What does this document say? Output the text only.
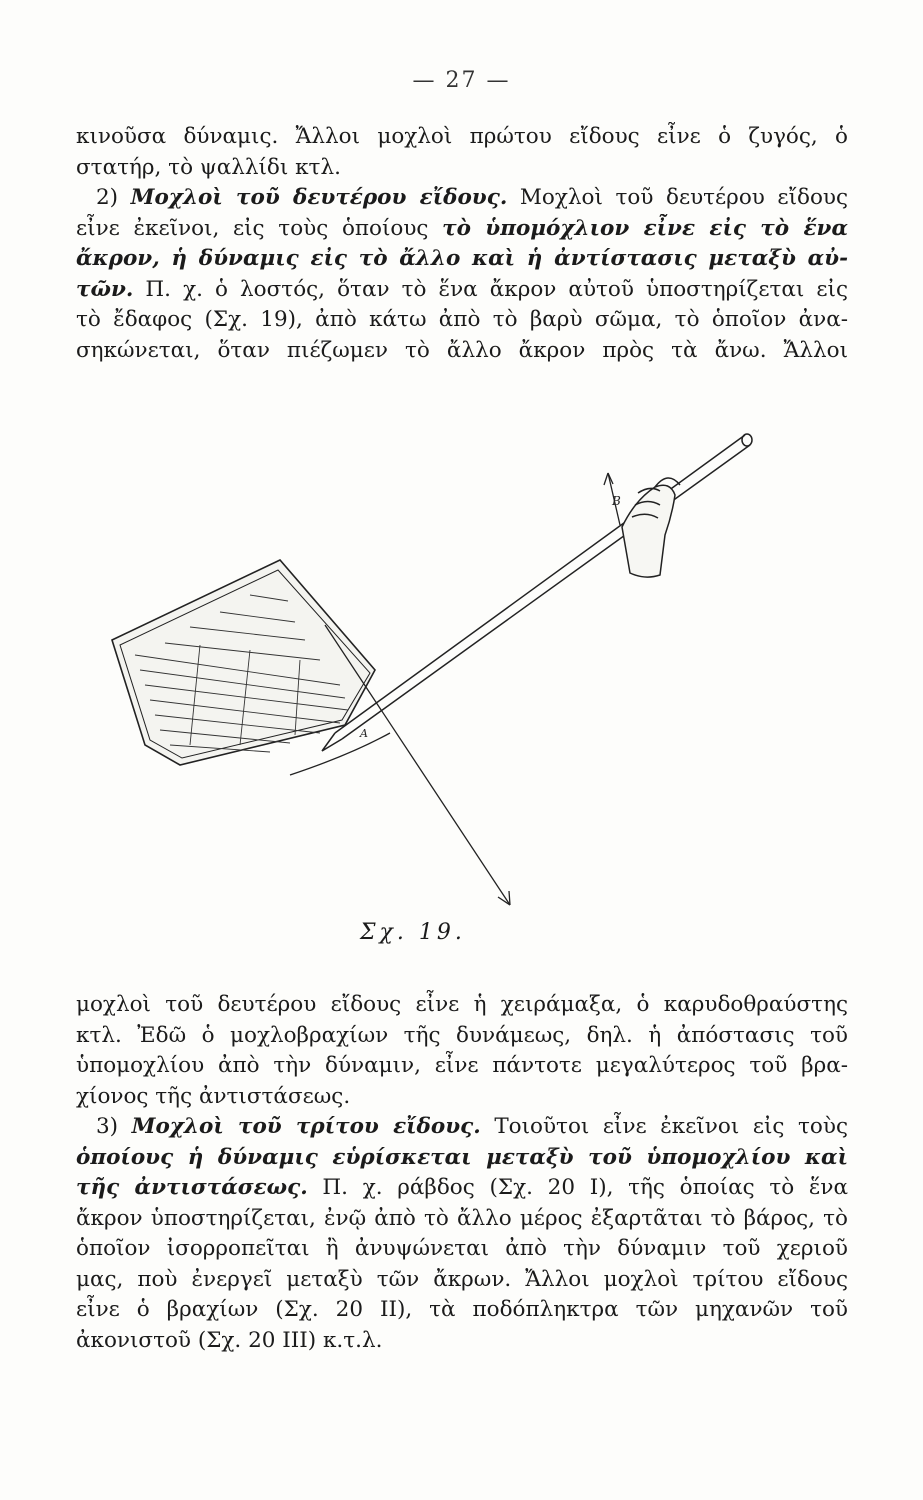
— 27 —
κινοῦσα δύναμις. Ἄλλοι μοχλοὶ πρώτου εἴδους εἶνε ὁ ζυγός, ὁ
στατήρ, τὸ ψαλλίδι κτλ.
2) Μοχλοὶ τοῦ δευτέρου εἴδους. Μοχλοὶ τοῦ δευτέρου εἴδους
εἶνε ἐκεῖνοι, εἰς τοὺς ὁποίους τὸ ὑπομόχλιον εἶνε εἰς τὸ ἕνα
ἄκρον, ἡ δύναμις εἰς τὸ ἄλλο καὶ ἡ ἀντίστασις μεταξὺ αὐ-
τῶν. Π. χ. ὁ λοστός, ὅταν τὸ ἕνα ἄκρον αὐτοῦ ὑποστηρίζεται εἰς
τὸ ἔδαφος (Σχ. 19), ἀπὸ κάτω ἀπὸ τὸ βαρὺ σῶμα, τὸ ὁποῖον ἀνα-
σηκώνεται, ὅταν πιέζωμεν τὸ ἄλλο ἄκρον πρὸς τὰ ἄνω. Ἄλλοι
B
A
Σχ. 19.
μοχλοὶ τοῦ δευτέρου εἴδους εἶνε ἡ χειράμαξα, ὁ καρυδοθραύστης
κτλ. Ἐδῶ ὁ μοχλοβραχίων τῆς δυνάμεως, δηλ. ἡ ἀπόστασις τοῦ
ὑπομοχλίου ἀπὸ τὴν δύναμιν, εἶνε πάντοτε μεγαλύτερος τοῦ βρα-
χίονος τῆς ἀντιστάσεως.
3) Μοχλοὶ τοῦ τρίτου εἴδους. Τοιοῦτοι εἶνε ἐκεῖνοι εἰς τοὺς
ὁποίους ἡ δύναμις εὑρίσκεται μεταξὺ τοῦ ὑπομοχλίου καὶ
τῆς ἀντιστάσεως. Π. χ. ράβδος (Σχ. 20 Ι), τῆς ὁποίας τὸ ἕνα
ἄκρον ὑποστηρίζεται, ἐνῷ ἀπὸ τὸ ἄλλο μέρος ἐξαρτᾶται τὸ βάρος, τὸ
ὁποῖον ἰσορροπεῖται ἢ ἀνυψώνεται ἀπὸ τὴν δύναμιν τοῦ χεριοῦ
μας, ποὺ ἐνεργεῖ μεταξὺ τῶν ἄκρων. Ἄλλοι μοχλοὶ τρίτου εἴδους
εἶνε ὁ βραχίων (Σχ. 20 ΙΙ), τὰ ποδόπληκτρα τῶν μηχανῶν τοῦ
ἀκονιστοῦ (Σχ. 20 ΙΙΙ) κ.τ.λ.
